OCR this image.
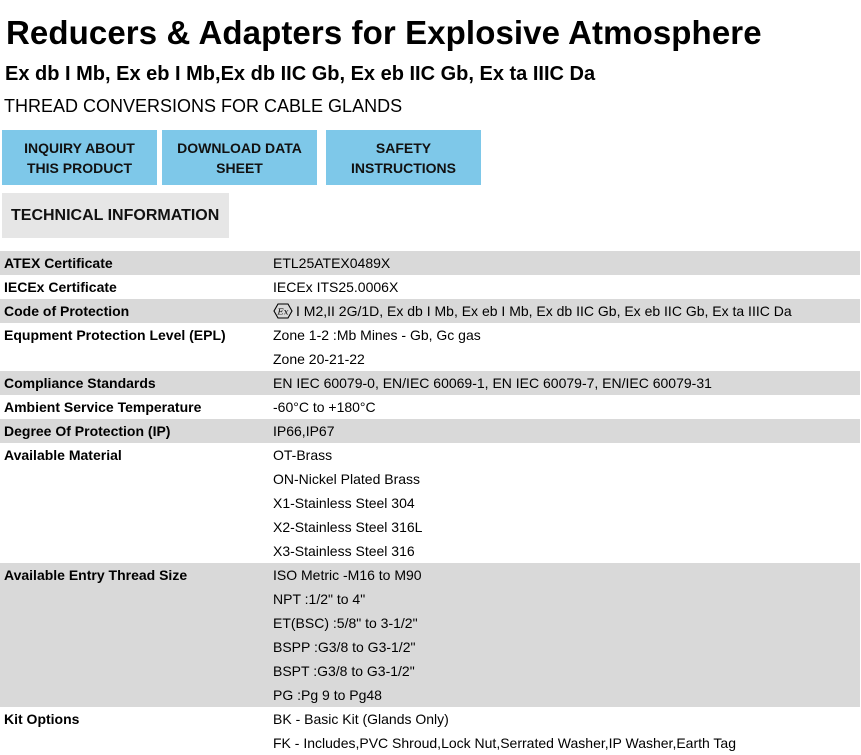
Reducers & Adapters for Explosive Atmosphere
Ex db I Mb, Ex eb I Mb,Ex db IIC Gb, Ex eb IIC Gb, Ex ta IIIC Da
THREAD CONVERSIONS FOR CABLE GLANDS
INQUIRY ABOUT
THIS PRODUCT
DOWNLOAD DATA
SHEET
SAFETY
INSTRUCTIONS
TECHNICAL INFORMATION
ATEX Certificate	ETL25ATEX0489X
IECEx Certificate	IECEx ITS25.0006X
Code of Protection	Ex I M2,II 2G/1D, Ex db I Mb, Ex eb I Mb, Ex db IIC Gb, Ex eb IIC Gb, Ex ta IIIC Da
Equpment Protection Level (EPL)	Zone 1-2 :Mb Mines - Gb, Gc gas
Zone 20-21-22
Compliance Standards	EN IEC 60079-0, EN/IEC 60069-1, EN IEC 60079-7, EN/IEC 60079-31
Ambient Service Temperature	-60°C to +180°C
Degree Of Protection (IP)	IP66,IP67
Available Material	OT-Brass
ON-Nickel Plated Brass
X1-Stainless Steel 304
X2-Stainless Steel 316L
X3-Stainless Steel 316
Available Entry Thread Size	ISO Metric -M16 to M90
NPT :1/2" to 4"
ET(BSC) :5/8" to 3-1/2"
BSPP :G3/8 to G3-1/2"
BSPT :G3/8 to G3-1/2"
PG :Pg 9 to Pg48
Kit Options	BK - Basic Kit (Glands Only)
FK - Includes,PVC Shroud,Lock Nut,Serrated Washer,IP Washer,Earth Tag
